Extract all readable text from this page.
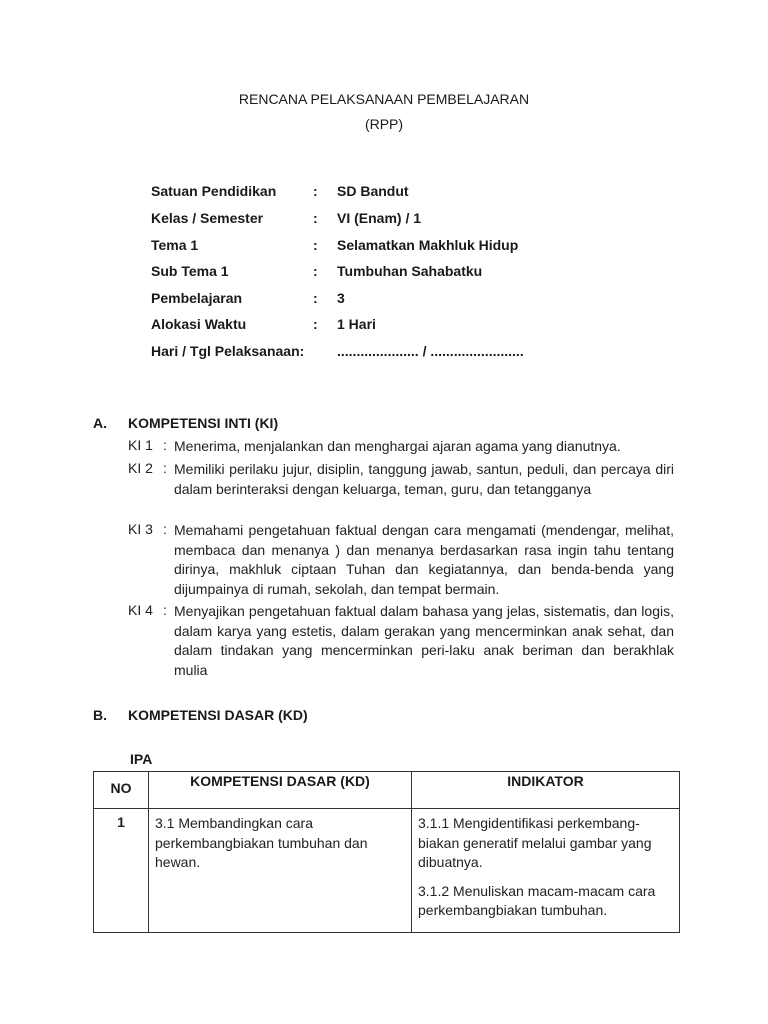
RENCANA PELAKSANAAN PEMBELAJARAN
(RPP)
Satuan Pendidikan	: SD Bandut
Kelas / Semester	: VI (Enam) / 1
Tema 1	: Selamatkan Makhluk Hidup
Sub Tema 1	: Tumbuhan Sahabatku
Pembelajaran	: 3
Alokasi Waktu	: 1 Hari
Hari / Tgl Pelaksanaan: ..................... / ........................
A. KOMPETENSI INTI (KI)
KI 1 : Menerima, menjalankan dan menghargai ajaran agama yang dianutnya.
KI 2 : Memiliki perilaku jujur, disiplin, tanggung jawab, santun, peduli, dan percaya diri dalam berinteraksi dengan keluarga, teman, guru, dan tetangganya
KI 3 : Memahami pengetahuan faktual dengan cara mengamati (mendengar, melihat, membaca dan menanya ) dan menanya berdasarkan rasa ingin tahu tentang dirinya, makhluk ciptaan Tuhan dan kegiatannya, dan benda-benda yang dijumpainya di rumah, sekolah, dan tempat bermain.
KI 4 : Menyajikan pengetahuan faktual dalam bahasa yang jelas, sistematis, dan logis, dalam karya yang estetis, dalam gerakan yang mencerminkan anak sehat, dan dalam tindakan yang mencerminkan peri-laku anak beriman dan berakhlak mulia
B. KOMPETENSI DASAR (KD)
IPA
NO	KOMPETENSI DASAR (KD)	INDIKATOR
1	3.1 Membandingkan cara perkembangbiakan tumbuhan dan hewan.	3.1.1 Mengidentifikasi perkembang-biakan generatif melalui gambar yang dibuatnya.
3.1.2 Menuliskan macam-macam cara perkembangbiakan tumbuhan.
